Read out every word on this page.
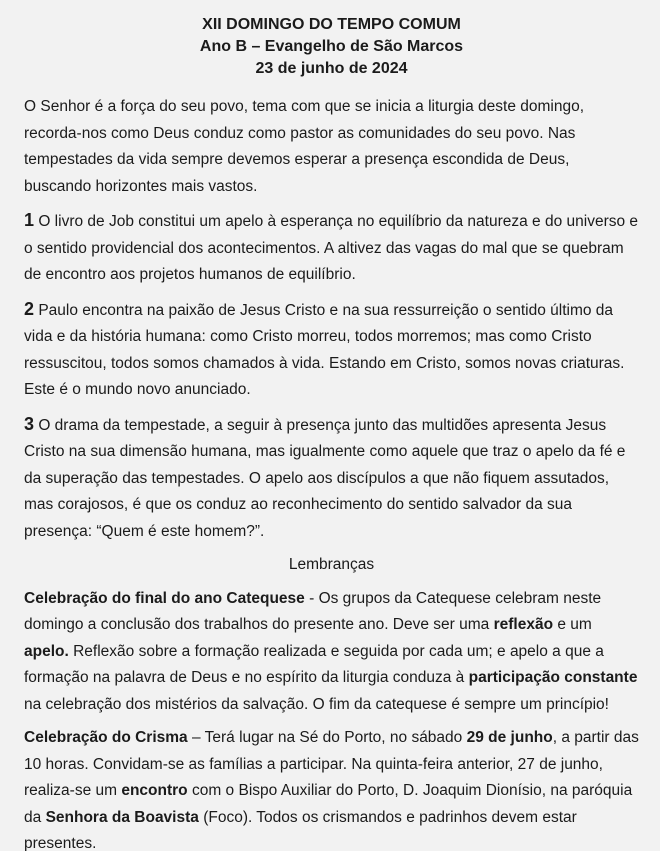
XII DOMINGO DO TEMPO COMUM
Ano B – Evangelho de São Marcos
23 de junho de 2024

O Senhor é a força do seu povo, tema com que se inicia a liturgia deste domingo, recorda-nos como Deus conduz como pastor as comunidades do seu povo. Nas tempestades da vida sempre devemos esperar a presença escondida de Deus, buscando horizontes mais vastos.

1 O livro de Job constitui um apelo à esperança no equilíbrio da natureza e do universo e o sentido providencial dos acontecimentos. A altivez das vagas do mal que se quebram de encontro aos projetos humanos de equilíbrio.

2 Paulo encontra na paixão de Jesus Cristo e na sua ressurreição o sentido último da vida e da história humana: como Cristo morreu, todos morremos; mas como Cristo ressuscitou, todos somos chamados à vida. Estando em Cristo, somos novas criaturas. Este é o mundo novo anunciado.

3 O drama da tempestade, a seguir à presença junto das multidões apresenta Jesus Cristo na sua dimensão humana, mas igualmente como aquele que traz o apelo da fé e da superação das tempestades. O apelo aos discípulos a que não fiquem assutados, mas corajosos, é que os conduz ao reconhecimento do sentido salvador da sua presença: “Quem é este homem?”.

Lembranças

Celebração do final do ano Catequese - Os grupos da Catequese celebram neste domingo a conclusão dos trabalhos do presente ano. Deve ser uma reflexão e um apelo. Reflexão sobre a formação realizada e seguida por cada um; e apelo a que a formação na palavra de Deus e no espírito da liturgia conduza à participação constante na celebração dos mistérios da salvação. O fim da catequese é sempre um princípio!

Celebração do Crisma – Terá lugar na Sé do Porto, no sábado 29 de junho, a partir das 10 horas. Convidam-se as famílias a participar. Na quinta-feira anterior, 27 de junho, realiza-se um encontro com o Bispo Auxiliar do Porto, D. Joaquim Dionísio, na paróquia da Senhora da Boavista (Foco). Todos os crismandos e padrinhos devem estar presentes.
